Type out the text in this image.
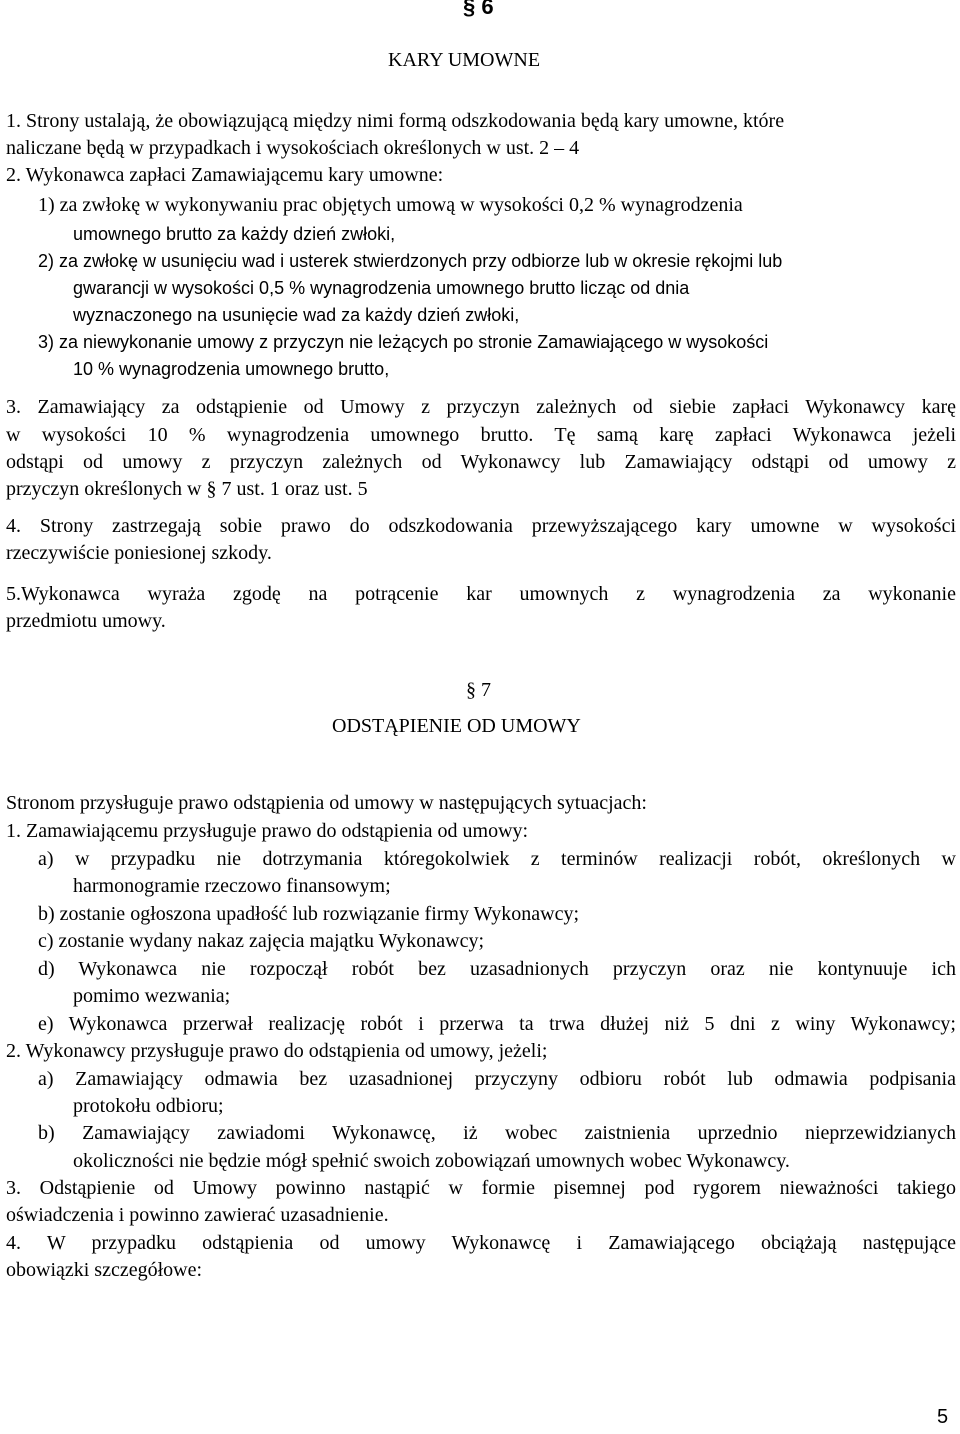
§ 6
KARY UMOWNE
1. Strony ustalają, że obowiązującą między nimi formą odszkodowania będą kary umowne, które
naliczane będą w przypadkach i wysokościach określonych w ust. 2 – 4
2. Wykonawca zapłaci Zamawiającemu kary umowne:
1) za zwłokę w wykonywaniu prac objętych umową w wysokości 0,2 % wynagrodzenia
umownego brutto za każdy dzień zwłoki,
2) za zwłokę w usunięciu wad i usterek stwierdzonych przy odbiorze lub w okresie rękojmi lub
gwarancji w wysokości 0,5 % wynagrodzenia umownego brutto licząc od dnia
wyznaczonego na usunięcie wad za każdy dzień zwłoki,
3) za niewykonanie umowy z przyczyn nie leżących po stronie Zamawiającego w wysokości
10 % wynagrodzenia umownego brutto,
3. Zamawiający za odstąpienie od Umowy z przyczyn zależnych od siebie zapłaci Wykonawcy karę
w wysokości 10 % wynagrodzenia umownego brutto. Tę samą karę zapłaci Wykonawca jeżeli
odstąpi od umowy z przyczyn zależnych od Wykonawcy lub Zamawiający odstąpi od umowy z
przyczyn określonych w § 7 ust. 1 oraz ust. 5
4. Strony zastrzegają sobie prawo do odszkodowania przewyższającego kary umowne w wysokości
rzeczywiście poniesionej szkody.
5.Wykonawca wyraża zgodę na potrącenie kar umownych z wynagrodzenia za wykonanie
przedmiotu umowy.
§ 7
ODSTĄPIENIE OD UMOWY
Stronom przysługuje prawo odstąpienia od umowy w następujących sytuacjach:
1. Zamawiającemu przysługuje prawo do odstąpienia od umowy:
a) w przypadku nie dotrzymania któregokolwiek z terminów realizacji robót, określonych w
harmonogramie rzeczowo finansowym;
b) zostanie ogłoszona upadłość lub rozwiązanie firmy Wykonawcy;
c) zostanie wydany nakaz zajęcia majątku Wykonawcy;
d) Wykonawca nie rozpoczął robót bez uzasadnionych przyczyn oraz nie kontynuuje ich
pomimo wezwania;
e) Wykonawca przerwał realizację robót i przerwa ta trwa dłużej niż 5 dni z winy Wykonawcy;
2. Wykonawcy przysługuje prawo do odstąpienia od umowy, jeżeli;
a) Zamawiający odmawia bez uzasadnionej przyczyny odbioru robót lub odmawia podpisania
protokołu odbioru;
b) Zamawiający zawiadomi Wykonawcę, iż wobec zaistnienia uprzednio nieprzewidzianych
okoliczności nie będzie mógł spełnić swoich zobowiązań umownych wobec Wykonawcy.
3. Odstąpienie od Umowy powinno nastąpić w formie pisemnej pod rygorem nieważności takiego
oświadczenia i powinno zawierać uzasadnienie.
4. W przypadku odstąpienia od umowy Wykonawcę i Zamawiającego obciążają następujące
obowiązki szczegółowe:
5
